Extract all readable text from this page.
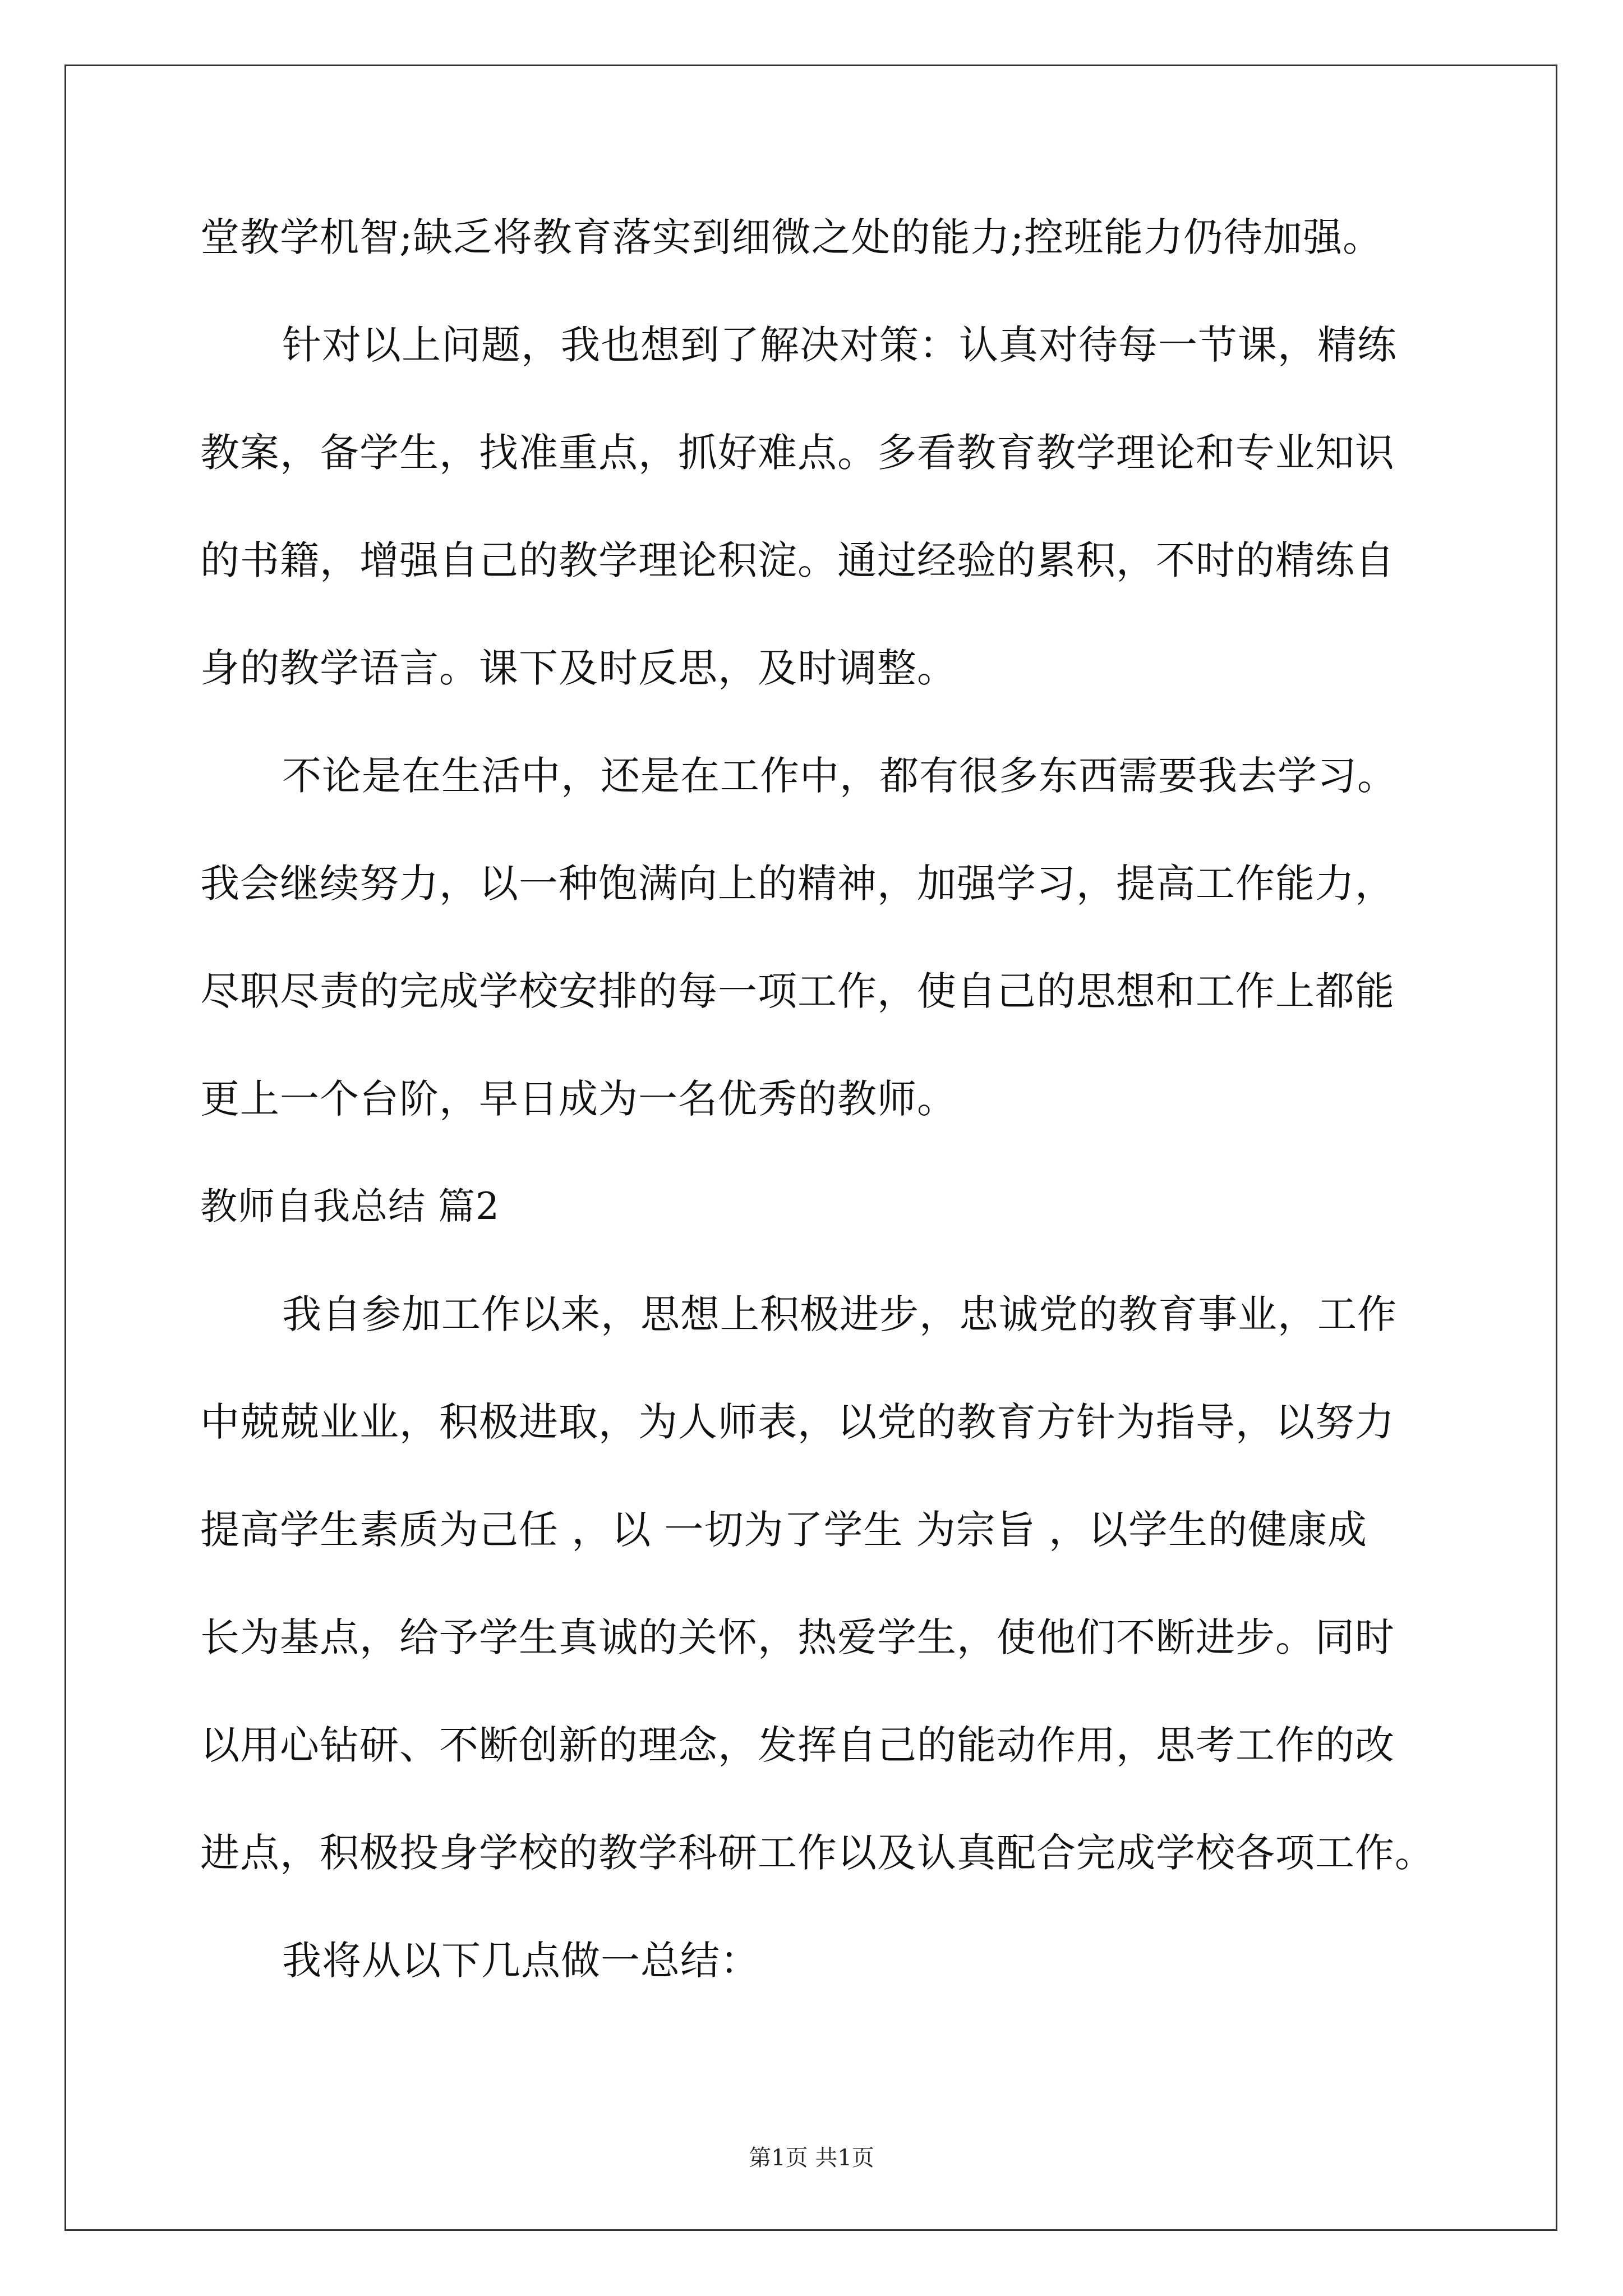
堂教学机智;缺乏将教育落实到细微之处的能力;控班能力仍待加强。

针对以上问题，我也想到了解决对策：认真对待每一节课，精练

教案，备学生，找准重点，抓好难点。多看教育教学理论和专业知识

的书籍，增强自己的教学理论积淀。通过经验的累积，不时的精练自

身的教学语言。课下及时反思，及时调整。

不论是在生活中，还是在工作中，都有很多东西需要我去学习。

我会继续努力，以一种饱满向上的精神，加强学习，提高工作能力，

尽职尽责的完成学校安排的每一项工作，使自己的思想和工作上都能

更上一个台阶，早日成为一名优秀的教师。

教师自我总结 篇2

我自参加工作以来，思想上积极进步，忠诚党的教育事业，工作

中兢兢业业，积极进取，为人师表，以党的教育方针为指导，以努力

提高学生素质为己任 ，以 一切为了学生 为宗旨 ，以学生的健康成

长为基点，给予学生真诚的关怀，热爱学生，使他们不断进步。同时

以用心钻研、不断创新的理念，发挥自己的能动作用，思考工作的改

进点，积极投身学校的教学科研工作以及认真配合完成学校各项工作。

我将从以下几点做一总结：

第1页 共1页
